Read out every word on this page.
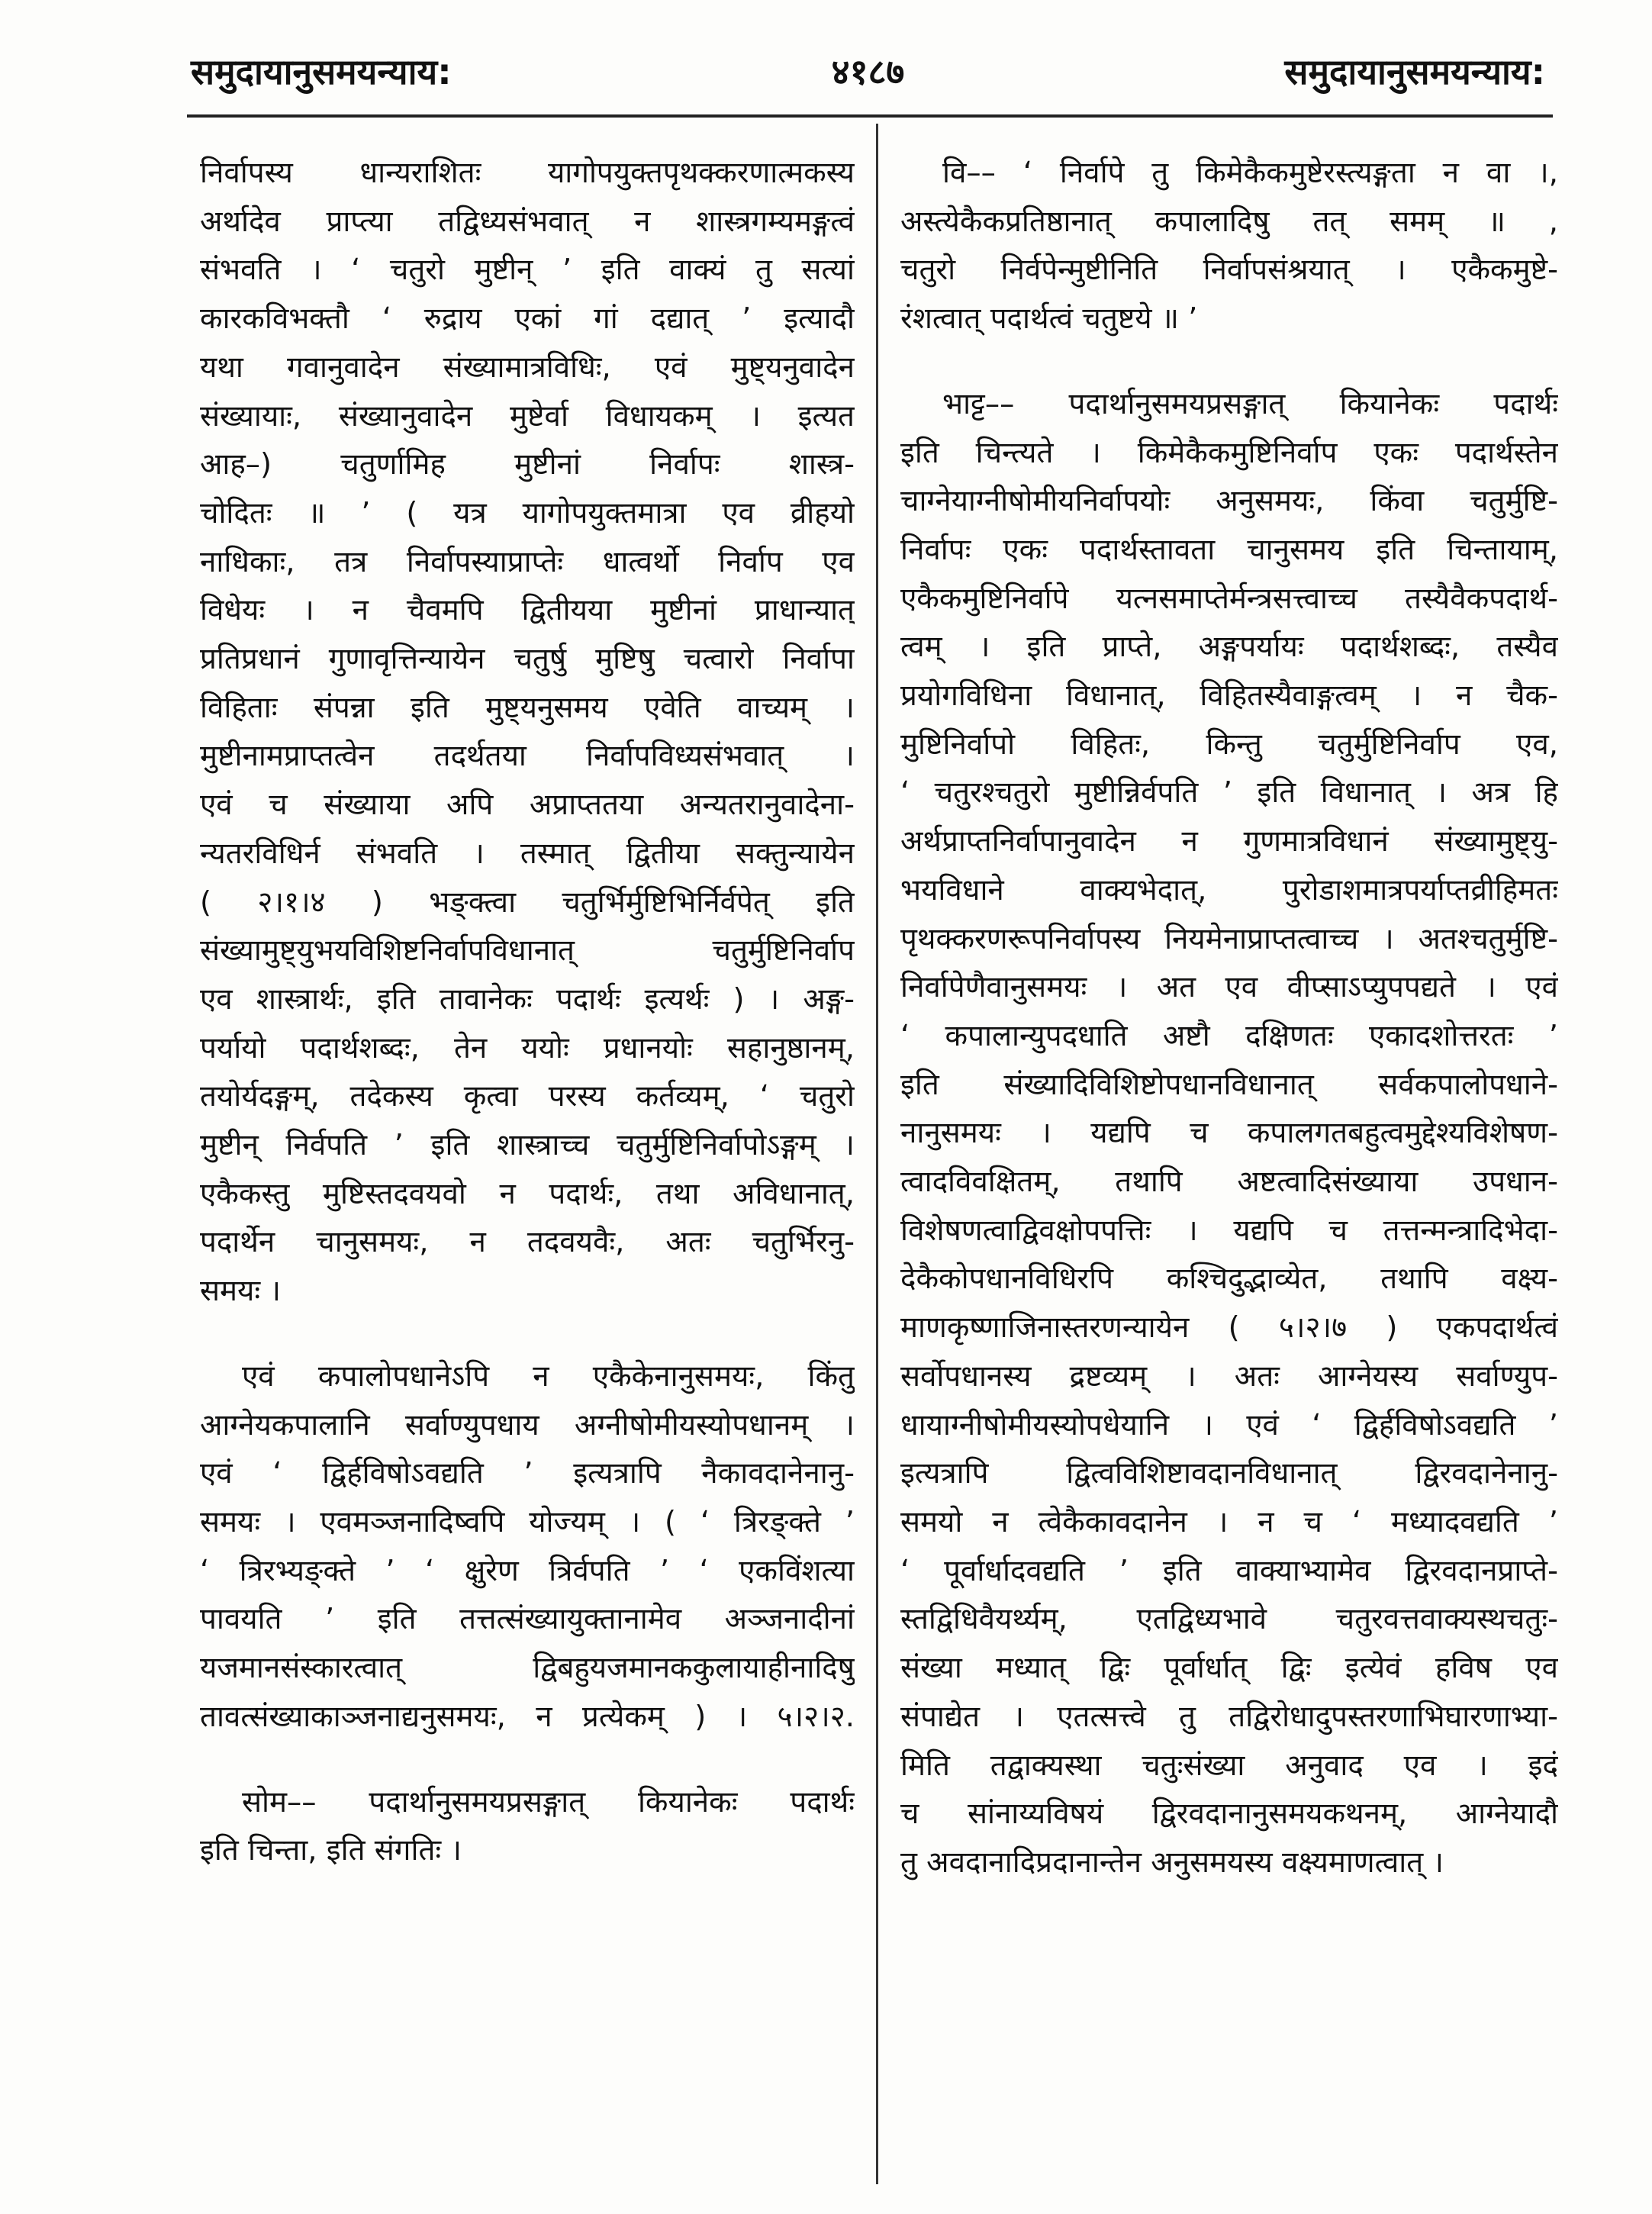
समुदायानुसमयन्याय:	४१८७	समुदायानुसमयन्याय:

निर्वापस्य धान्यराशितः यागोपयुक्तपृथक्करणात्मकस्य

अर्थादेव प्राप्त्या तद्विध्यसंभवात् न शास्त्रगम्यमङ्गत्वं

संभवति । ‘ चतुरो मुष्टीन् ’ इति वाक्यं तु सत्यां

कारकविभक्तौ ‘ रुद्राय एकां गां दद्यात् ’ इत्यादौ

यथा गवानुवादेन संख्यामात्रविधिः, एवं मुष्ट्यनुवादेन

संख्यायाः, संख्यानुवादेन मुष्टेर्वा विधायकम् । इत्यत

आह–) चतुर्णामिह मुष्टीनां निर्वापः शास्त्र-

चोदितः ॥ ’ ( यत्र यागोपयुक्तमात्रा एव व्रीहयो

नाधिकाः, तत्र निर्वापस्याप्राप्तेः धात्वर्थो निर्वाप एव

विधेयः । न चैवमपि द्वितीयया मुष्टीनां प्राधान्यात्

प्रतिप्रधानं गुणावृत्तिन्यायेन चतुर्षु मुष्टिषु चत्वारो निर्वापा

विहिताः संपन्ना इति मुष्ट्यनुसमय एवेति वाच्यम् ।

मुष्टीनामप्राप्तत्वेन तदर्थतया निर्वापविध्यसंभवात् ।

एवं च संख्याया अपि अप्राप्ततया अन्यतरानुवादेना-

न्यतरविधिर्न संभवति । तस्मात् द्वितीया सक्तुन्यायेन

( २।१।४ ) भङ्क्त्वा चतुर्भिर्मुष्टिभिर्निर्वपेत् इति

संख्यामुष्ट्युभयविशिष्टनिर्वापविधानात् चतुर्मुष्टिनिर्वाप

एव शास्त्रार्थः, इति तावानेकः पदार्थः इत्यर्थः ) । अङ्ग-

पर्यायो पदार्थशब्दः, तेन ययोः प्रधानयोः सहानुष्ठानम्,

तयोर्यदङ्गम्, तदेकस्य कृत्वा परस्य कर्तव्यम्, ‘ चतुरो

मुष्टीन् निर्वपति ’ इति शास्त्राच्च चतुर्मुष्टिनिर्वापोऽङ्गम् ।

एकैकस्तु मुष्टिस्तदवयवो न पदार्थः, तथा अविधानात्,

पदार्थेन चानुसमयः, न तदवयवैः, अतः चतुर्भिरनु-

समयः ।

एवं कपालोपधानेऽपि न एकैकेनानुसमयः, किंतु

आग्नेयकपालानि सर्वाण्युपधाय अग्नीषोमीयस्योपधानम् ।

एवं ‘ द्विर्हविषोऽवद्यति ’ इत्यत्रापि नैकावदानेनानु-

समयः । एवमञ्जनादिष्वपि योज्यम् । ( ‘ त्रिरङ्क्ते ’

‘ त्रिरभ्यङ्क्ते ’ ‘ क्षुरेण त्रिर्वपति ’ ‘ एकविंशत्या

पावयति ’ इति तत्तत्संख्यायुक्तानामेव अञ्जनादीनां

यजमानसंस्कारत्वात् द्विबहुयजमानककुलायाहीनादिषु

तावत्संख्याकाञ्जनाद्यनुसमयः, न प्रत्येकम् ) । ५।२।२.

सोम–– पदार्थानुसमयप्रसङ्गात् कियानेकः पदार्थः

इति चिन्ता, इति संगतिः ।

वि–– ‘ निर्वापे तु किमेकैकमुष्टेरस्त्यङ्गता न वा ।,

अस्त्येकैकप्रतिष्ठानात् कपालादिषु तत् समम् ॥ ,

चतुरो निर्वपेन्मुष्टीनिति निर्वापसंश्रयात् । एकैकमुष्टे-

रंशत्वात् पदार्थत्वं चतुष्टये ॥ ’

भाट्ट–– पदार्थानुसमयप्रसङ्गात् कियानेकः पदार्थः

इति चिन्त्यते । किमेकैकमुष्टिनिर्वाप एकः पदार्थस्तेन

चाग्नेयाग्नीषोमीयनिर्वापयोः अनुसमयः, किंवा चतुर्मुष्टि-

निर्वापः एकः पदार्थस्तावता चानुसमय इति चिन्तायाम्,

एकैकमुष्टिनिर्वापे यत्नसमाप्तेर्मन्त्रसत्त्वाच्च तस्यैवैकपदार्थ-

त्वम् । इति प्राप्ते, अङ्गपर्यायः पदार्थशब्दः, तस्यैव

प्रयोगविधिना विधानात्, विहितस्यैवाङ्गत्वम् । न चैक-

मुष्टिनिर्वापो विहितः, किन्तु चतुर्मुष्टिनिर्वाप एव,

‘ चतुरश्चतुरो मुष्टीन्निर्वपति ’ इति विधानात् । अत्र हि

अर्थप्राप्तनिर्वापानुवादेन न गुणमात्रविधानं संख्यामुष्ट्यु-

भयविधाने वाक्यभेदात्, पुरोडाशमात्रपर्याप्तव्रीहिमतः

पृथक्करणरूपनिर्वापस्य नियमेनाप्राप्तत्वाच्च । अतश्चतुर्मुष्टि-

निर्वापेणैवानुसमयः । अत एव वीप्साऽप्युपपद्यते । एवं

‘ कपालान्युपदधाति अष्टौ दक्षिणतः एकादशोत्तरतः ’

इति संख्यादिविशिष्टोपधानविधानात् सर्वकपालोपधाने-

नानुसमयः । यद्यपि च कपालगतबहुत्वमुद्देश्यविशेषण-

त्वादविवक्षितम्, तथापि अष्टत्वादिसंख्याया उपधान-

विशेषणत्वाद्विवक्षोपपत्तिः । यद्यपि च तत्तन्मन्त्रादिभेदा-

देकैकोपधानविधिरपि कश्चिदुद्भाव्येत, तथापि वक्ष्य-

माणकृष्णाजिनास्तरणन्यायेन ( ५।२।७ ) एकपदार्थत्वं

सर्वोपधानस्य द्रष्टव्यम् । अतः आग्नेयस्य सर्वाण्युप-

धायाग्नीषोमीयस्योपधेयानि । एवं ‘ द्विर्हविषोऽवद्यति ’

इत्यत्रापि द्वित्वविशिष्टावदानविधानात् द्विरवदानेनानु-

समयो न त्वेकैकावदानेन । न च ‘ मध्यादवद्यति ’

‘ पूर्वार्धादवद्यति ’ इति वाक्याभ्यामेव द्विरवदानप्राप्ते-

स्तद्विधिवैयर्थ्यम्, एतद्विध्यभावे चतुरवत्तवाक्यस्थचतुः-

संख्या मध्यात् द्विः पूर्वार्धात् द्विः इत्येवं हविष एव

संपाद्येत । एतत्सत्त्वे तु तद्विरोधादुपस्तरणाभिघारणाभ्या-

मिति तद्वाक्यस्था चतुःसंख्या अनुवाद एव । इदं

च सांनाय्यविषयं द्विरवदानानुसमयकथनम्, आग्नेयादौ

तु अवदानादिप्रदानान्तेन अनुसमयस्य वक्ष्यमाणत्वात् ।
